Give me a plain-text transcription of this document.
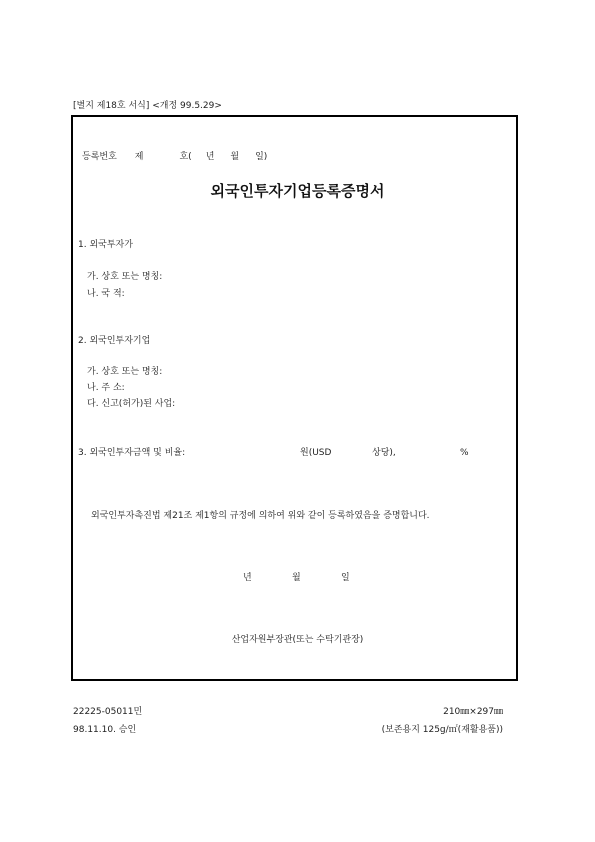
[별지 제18호 서식] <개정 99.5.29>
등록번호 제	호( 년 월 일)
외국인투자기업등록증명서
1. 외국투자가
가. 상호 또는 명칭:
나. 국 적:
2. 외국인투자기업
가. 상호 또는 명칭:
나. 주 소:
다. 신고(허가)된 사업:
3. 외국인투자금액 및 비율:	원(USD	상당),	%
외국인투자촉진법 제21조 제1항의 규정에 의하여 위와 같이 등록하였음을 증명합니다.
년	월	일
산업자원부장관(또는 수탁기관장)
22225-05011민
98.11.10. 승인
210㎜×297㎜
(보존용지 125g/㎡(재활용품))
